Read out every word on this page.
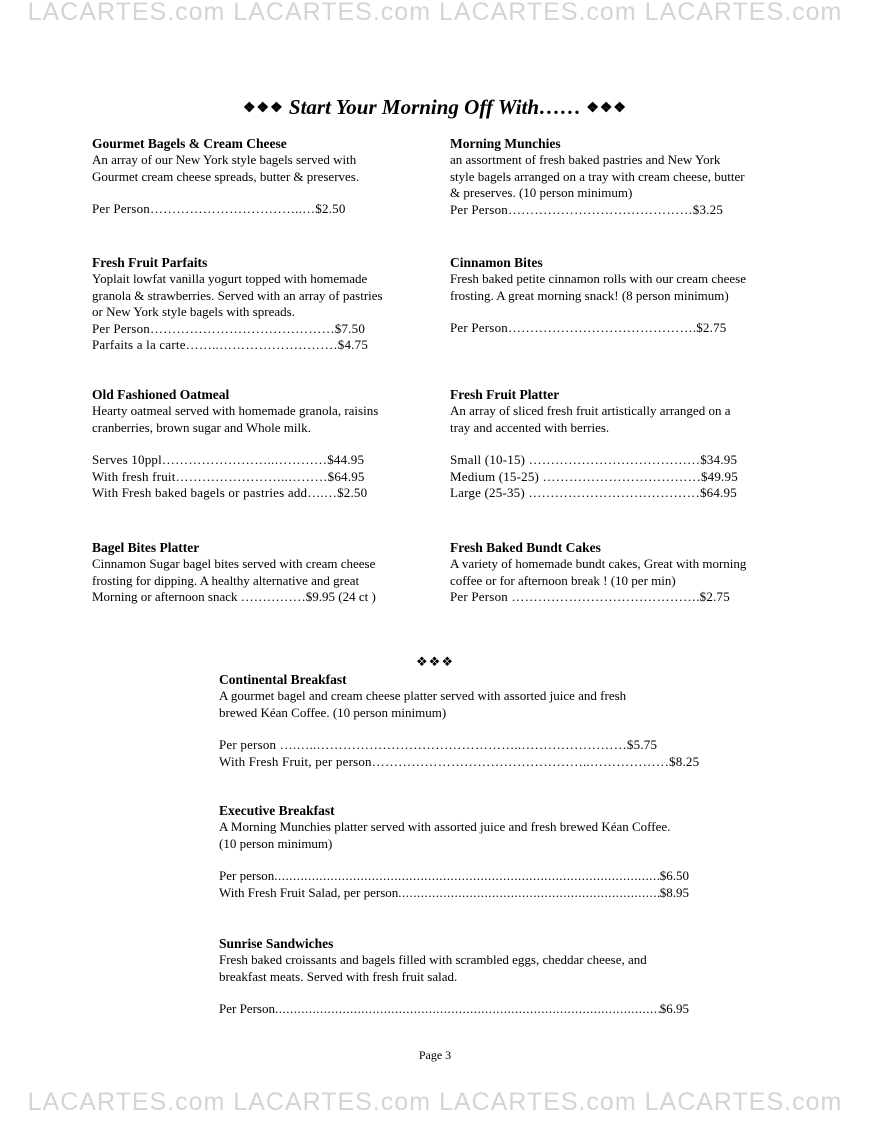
LACARTES.com LACARTES.com LACARTES.com LACARTES.com
❖❖❖ Start Your Morning Off With…… ❖❖❖
Gourmet Bagels & Cream Cheese

An array of our New York style bagels served with
Gourmet cream cheese spreads, butter & preserves.

Per Person……………………………..…$2.50
Morning Munchies

an assortment of fresh baked pastries and New York
style bagels arranged on a tray with cream cheese, butter
& preserves. (10 person minimum)

Per Person……………………………………$3.25
Fresh Fruit Parfaits

Yoplait lowfat vanilla yogurt topped with homemade
granola & strawberries. Served with an array of pastries
or New York style bagels with spreads.

Per Person……………………………………$7.50
Parfaits a la carte……..………………………$4.75
Cinnamon Bites

Fresh baked petite cinnamon rolls with our cream cheese
frosting. A great morning snack! (8 person minimum)

Per Person…………………………………….$2.75
Old Fashioned Oatmeal

Hearty oatmeal served with homemade granola, raisins
cranberries, brown sugar and Whole milk.

Serves 10ppl……………………..…………$44.95
With fresh fruit……………………..………$64.95
With Fresh baked bagels or pastries add….…$2.50
Fresh Fruit Platter

An array of sliced fresh fruit artistically arranged on a
tray and accented with berries.

Small (10-15) …………………………………$34.95
Medium (15-25) ………………………………$49.95
Large (25-35) …………………………………$64.95
Bagel Bites Platter

Cinnamon Sugar bagel bites served with cream cheese
frosting for dipping. A healthy alternative and great
Morning or afternoon snack ……………$9.95 (24 ct )

Fresh Baked Bundt Cakes

A variety of homemade bundt cakes, Great with morning
coffee or for afternoon break ! (10 per min)

Per Person …………………………………….$2.75
❖❖❖
Continental Breakfast

A gourmet bagel and cream cheese platter served with assorted juice and fresh
brewed Kéan Coffee. (10 person minimum)

Per person ….…..………………………………………..……………………$5.75
With Fresh Fruit, per person…………………………………………..………………$8.25
Executive Breakfast

A Morning Munchies platter served with assorted juice and fresh brewed Kéan Coffee.
(10 person minimum)

Per person .....	$6.50
With Fresh Fruit Salad, per person .....	$8.95
Sunrise Sandwiches

Fresh baked croissants and bagels filled with scrambled eggs, cheddar cheese, and
breakfast meats. Served with fresh fruit salad.

Per Person .....	$6.95
Page 3
LACARTES.com LACARTES.com LACARTES.com LACARTES.com
